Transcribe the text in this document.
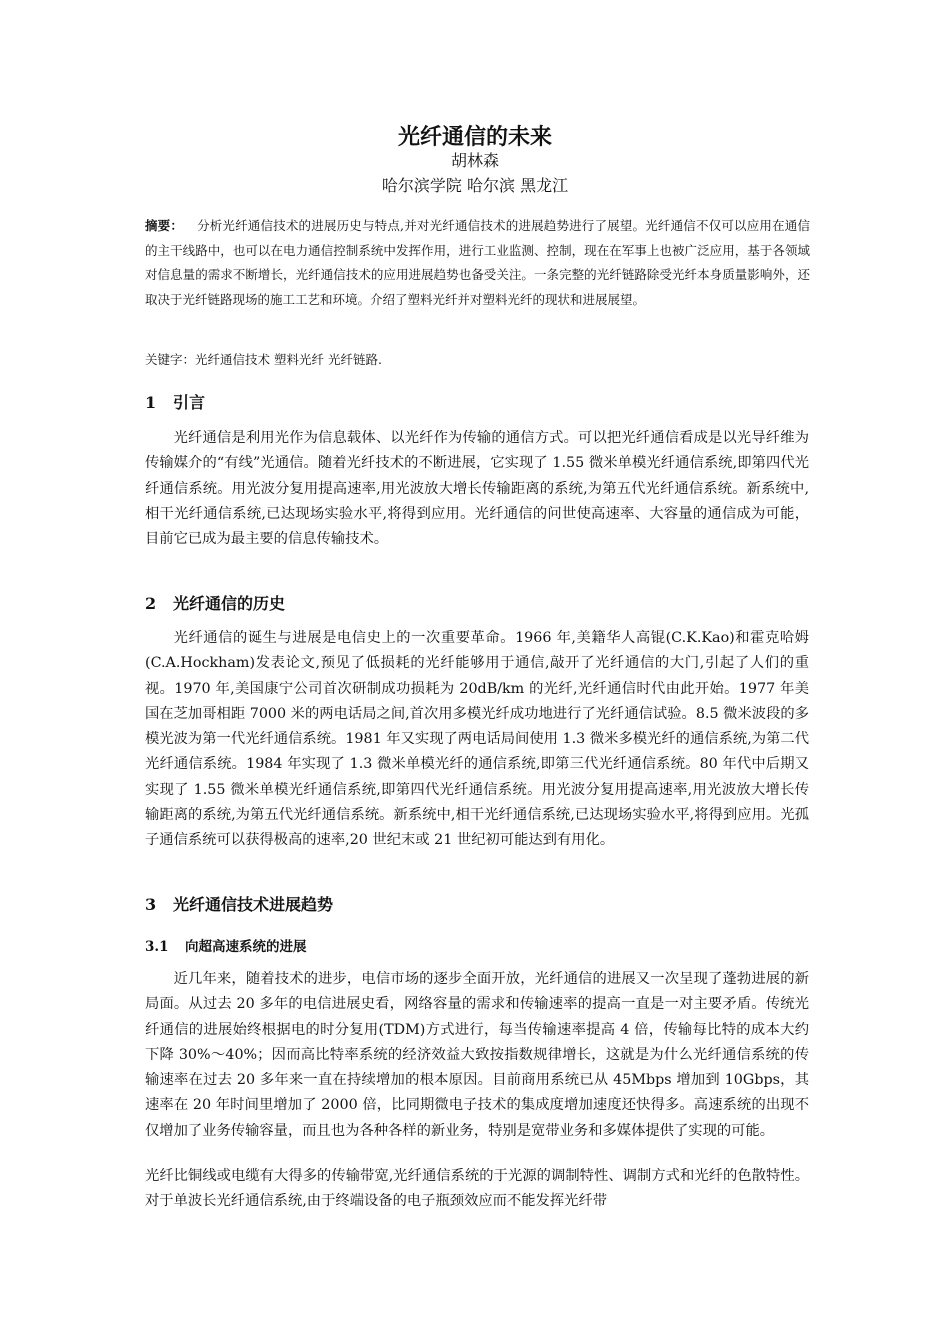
光纤通信的未来
胡林森
哈尔滨学院 哈尔滨 黑龙江
摘要： 分析光纤通信技术的进展历史与特点,并对光纤通信技术的进展趋势进行了展望。光纤通信不仅可以应用在通信的主干线路中，也可以在电力通信控制系统中发挥作用，进行工业监测、控制，现在在军事上也被广泛应用，基于各领域对信息量的需求不断增长，光纤通信技术的应用进展趋势也备受关注。一条完整的光纤链路除受光纤本身质量影响外，还取决于光纤链路现场的施工工艺和环境。介绍了塑料光纤并对塑料光纤的现状和进展展望。
关键字：光纤通信技术 塑料光纤 光纤链路.
1 引言

光纤通信是利用光作为信息载体、以光纤作为传输的通信方式。可以把光纤通信看成是以光导纤维为传输媒介的“有线”光通信。随着光纤技术的不断进展，它实现了 1.55 微米单模光纤通信系统,即第四代光纤通信系统。用光波分复用提高速率,用光波放大增长传输距离的系统,为第五代光纤通信系统。新系统中,相干光纤通信系统,已达现场实验水平,将得到应用。光纤通信的问世使高速率、大容量的通信成为可能，目前它已成为最主要的信息传输技术。

2 光纤通信的历史

光纤通信的诞生与进展是电信史上的一次重要革命。1966 年,美籍华人高锟(C.K.Kao)和霍克哈姆(C.A.Hockham)发表论文,预见了低损耗的光纤能够用于通信,敲开了光纤通信的大门,引起了人们的重视。1970 年,美国康宁公司首次研制成功损耗为 20dB/km 的光纤,光纤通信时代由此开始。1977 年美国在芝加哥相距 7000 米的两电话局之间,首次用多模光纤成功地进行了光纤通信试验。8.5 微米波段的多模光波为第一代光纤通信系统。1981 年又实现了两电话局间使用 1.3 微米多模光纤的通信系统,为第二代光纤通信系统。1984 年实现了 1.3 微米单模光纤的通信系统,即第三代光纤通信系统。80 年代中后期又实现了 1.55 微米单模光纤通信系统,即第四代光纤通信系统。用光波分复用提高速率,用光波放大增长传输距离的系统,为第五代光纤通信系统。新系统中,相干光纤通信系统,已达现场实验水平,将得到应用。光孤子通信系统可以获得极高的速率,20 世纪末或 21 世纪初可能达到有用化。

3 光纤通信技术进展趋势
3.1 向超高速系统的进展

近几年来，随着技术的进步，电信市场的逐步全面开放，光纤通信的进展又一次呈现了蓬勃进展的新局面。从过去 20 多年的电信进展史看，网络容量的需求和传输速率的提高一直是一对主要矛盾。传统光纤通信的进展始终根据电的时分复用(TDM)方式进行，每当传输速率提高 4 倍，传输每比特的成本大约下降 30%～40%；因而高比特率系统的经济效益大致按指数规律增长，这就是为什么光纤通信系统的传输速率在过去 20 多年来一直在持续增加的根本原因。目前商用系统已从 45Mbps 增加到 10Gbps，其速率在 20 年时间里增加了 2000 倍，比同期微电子技术的集成度增加速度还快得多。高速系统的出现不仅增加了业务传输容量，而且也为各种各样的新业务，特别是宽带业务和多媒体提供了实现的可能。

光纤比铜线或电缆有大得多的传输带宽,光纤通信系统的于光源的调制特性、调制方式和光纤的色散特性。对于单波长光纤通信系统,由于终端设备的电子瓶颈效应而不能发挥光纤带
